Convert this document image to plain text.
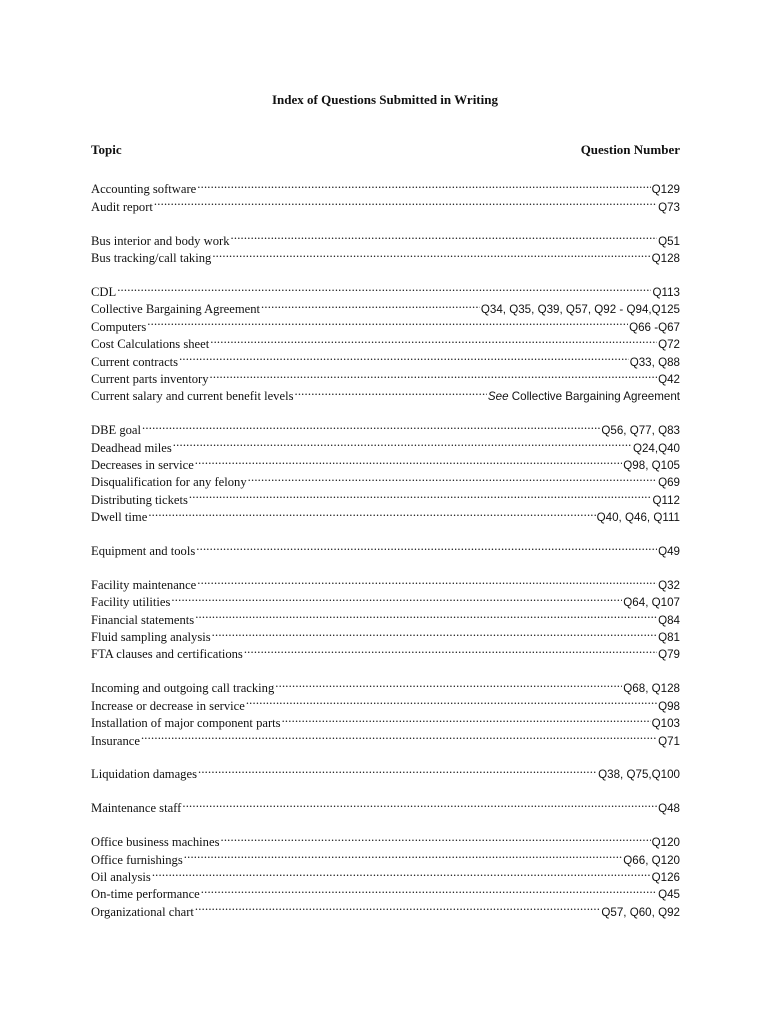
Index of Questions Submitted in Writing
Topic	Question Number
Accounting software .....	Q129
Audit report .....	Q73
Bus interior and body work .....	Q51
Bus tracking/call taking .....	Q128
CDL .....	Q113
Collective Bargaining Agreement .....	Q34, Q35, Q39, Q57, Q92 - Q94,Q125
Computers .....	Q66 -Q67
Cost Calculations sheet .....	Q72
Current contracts .....	Q33, Q88
Current parts inventory .....	Q42
Current salary and current benefit levels .....	See Collective Bargaining Agreement
DBE goal .....	Q56, Q77, Q83
Deadhead miles .....	Q24,Q40
Decreases in service .....	Q98, Q105
Disqualification for any felony .....	Q69
Distributing tickets .....	Q112
Dwell time .....	Q40, Q46, Q111
Equipment and tools .....	Q49
Facility maintenance .....	Q32
Facility utilities .....	Q64, Q107
Financial statements .....	Q84
Fluid sampling analysis .....	Q81
FTA clauses and certifications .....	Q79
Incoming and outgoing call tracking .....	Q68, Q128
Increase or decrease in service .....	Q98
Installation of major component parts .....	Q103
Insurance .....	Q71
Liquidation damages .....	Q38, Q75,Q100
Maintenance staff .....	Q48
Office business machines .....	Q120
Office furnishings .....	Q66, Q120
Oil analysis .....	Q126
On-time performance .....	Q45
Organizational chart .....	Q57, Q60, Q92
